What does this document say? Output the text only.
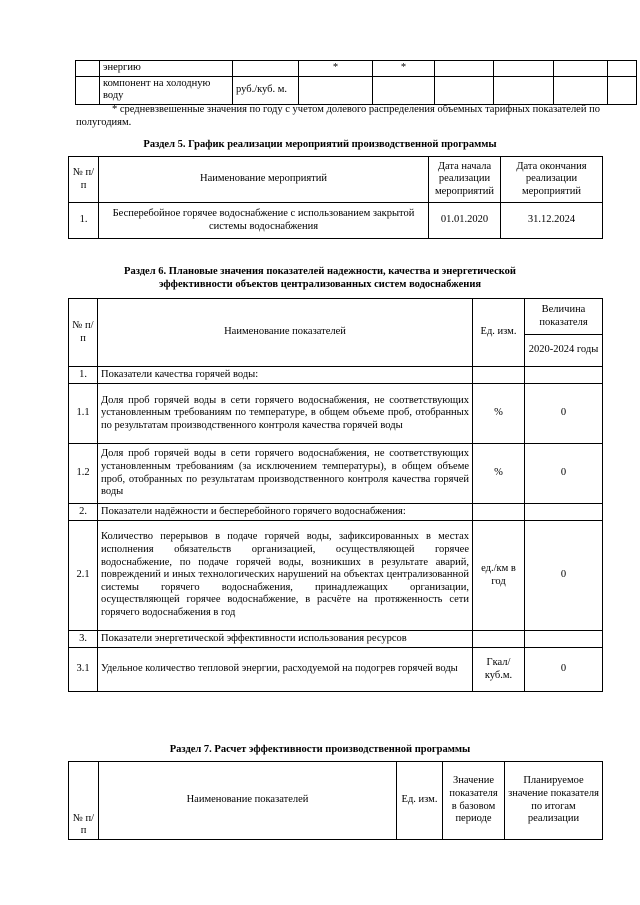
	энергию		*	*				
	компонент на холодную воду	руб./куб. м.						
* средневзвешенные значения по году с учетом долевого распределения объемных тарифных показателей по полугодиям.
Раздел 5. График реализации мероприятий производственной программы
№ п/п	Наименование мероприятий	Дата начала реализации мероприятий	Дата окончания реализации мероприятий
1.	Бесперебойное горячее водоснабжение с использованием закрытой системы водоснабжения	01.01.2020	31.12.2024
Раздел 6. Плановые значения показателей надежности, качества и энергетической
эффективности объектов централизованных систем водоснабжения
№ п/ п	Наименование показателей	Ед. изм.	Величина показателя
			2020-2024 годы
1.	Показатели качества горячей воды:		
1.1	Доля проб горячей воды в сети горячего водоснабжения, не соответствующих установленным требованиям по температуре, в общем объеме проб, отобранных по результатам производственного контроля качества горячей воды	%	0
1.2	Доля проб горячей воды в сети горячего водоснабжения, не соответствующих установленным требованиям (за исключением температуры), в общем объеме проб, отобранных по результатам производственного контроля качества горячей воды	%	0
2.	Показатели надёжности и бесперебойного горячего водоснабжения:		
2.1	Количество перерывов в подаче горячей воды, зафиксированных в местах исполнения обязательств организацией, осуществляющей горячее водоснабжение, по подаче горячей воды, возникших в результате аварий, повреждений и иных технологических нарушений на объектах централизованной системы горячего водоснабжения, принадлежащих организации, осуществляющей горячее водоснабжение, в расчёте на протяженность сети горячего водоснабжения в год	ед./км в год	0
3.	Показатели энергетической эффективности использования ресурсов		
3.1	Удельное количество тепловой энергии, расходуемой на подогрев горячей воды	Гкал/куб.м.	0
Раздел 7. Расчет эффективности производственной программы
№ п/п	Наименование показателей	Ед. изм.	Значение показателя в базовом периоде	Планируемое значение показателя по итогам реализации
